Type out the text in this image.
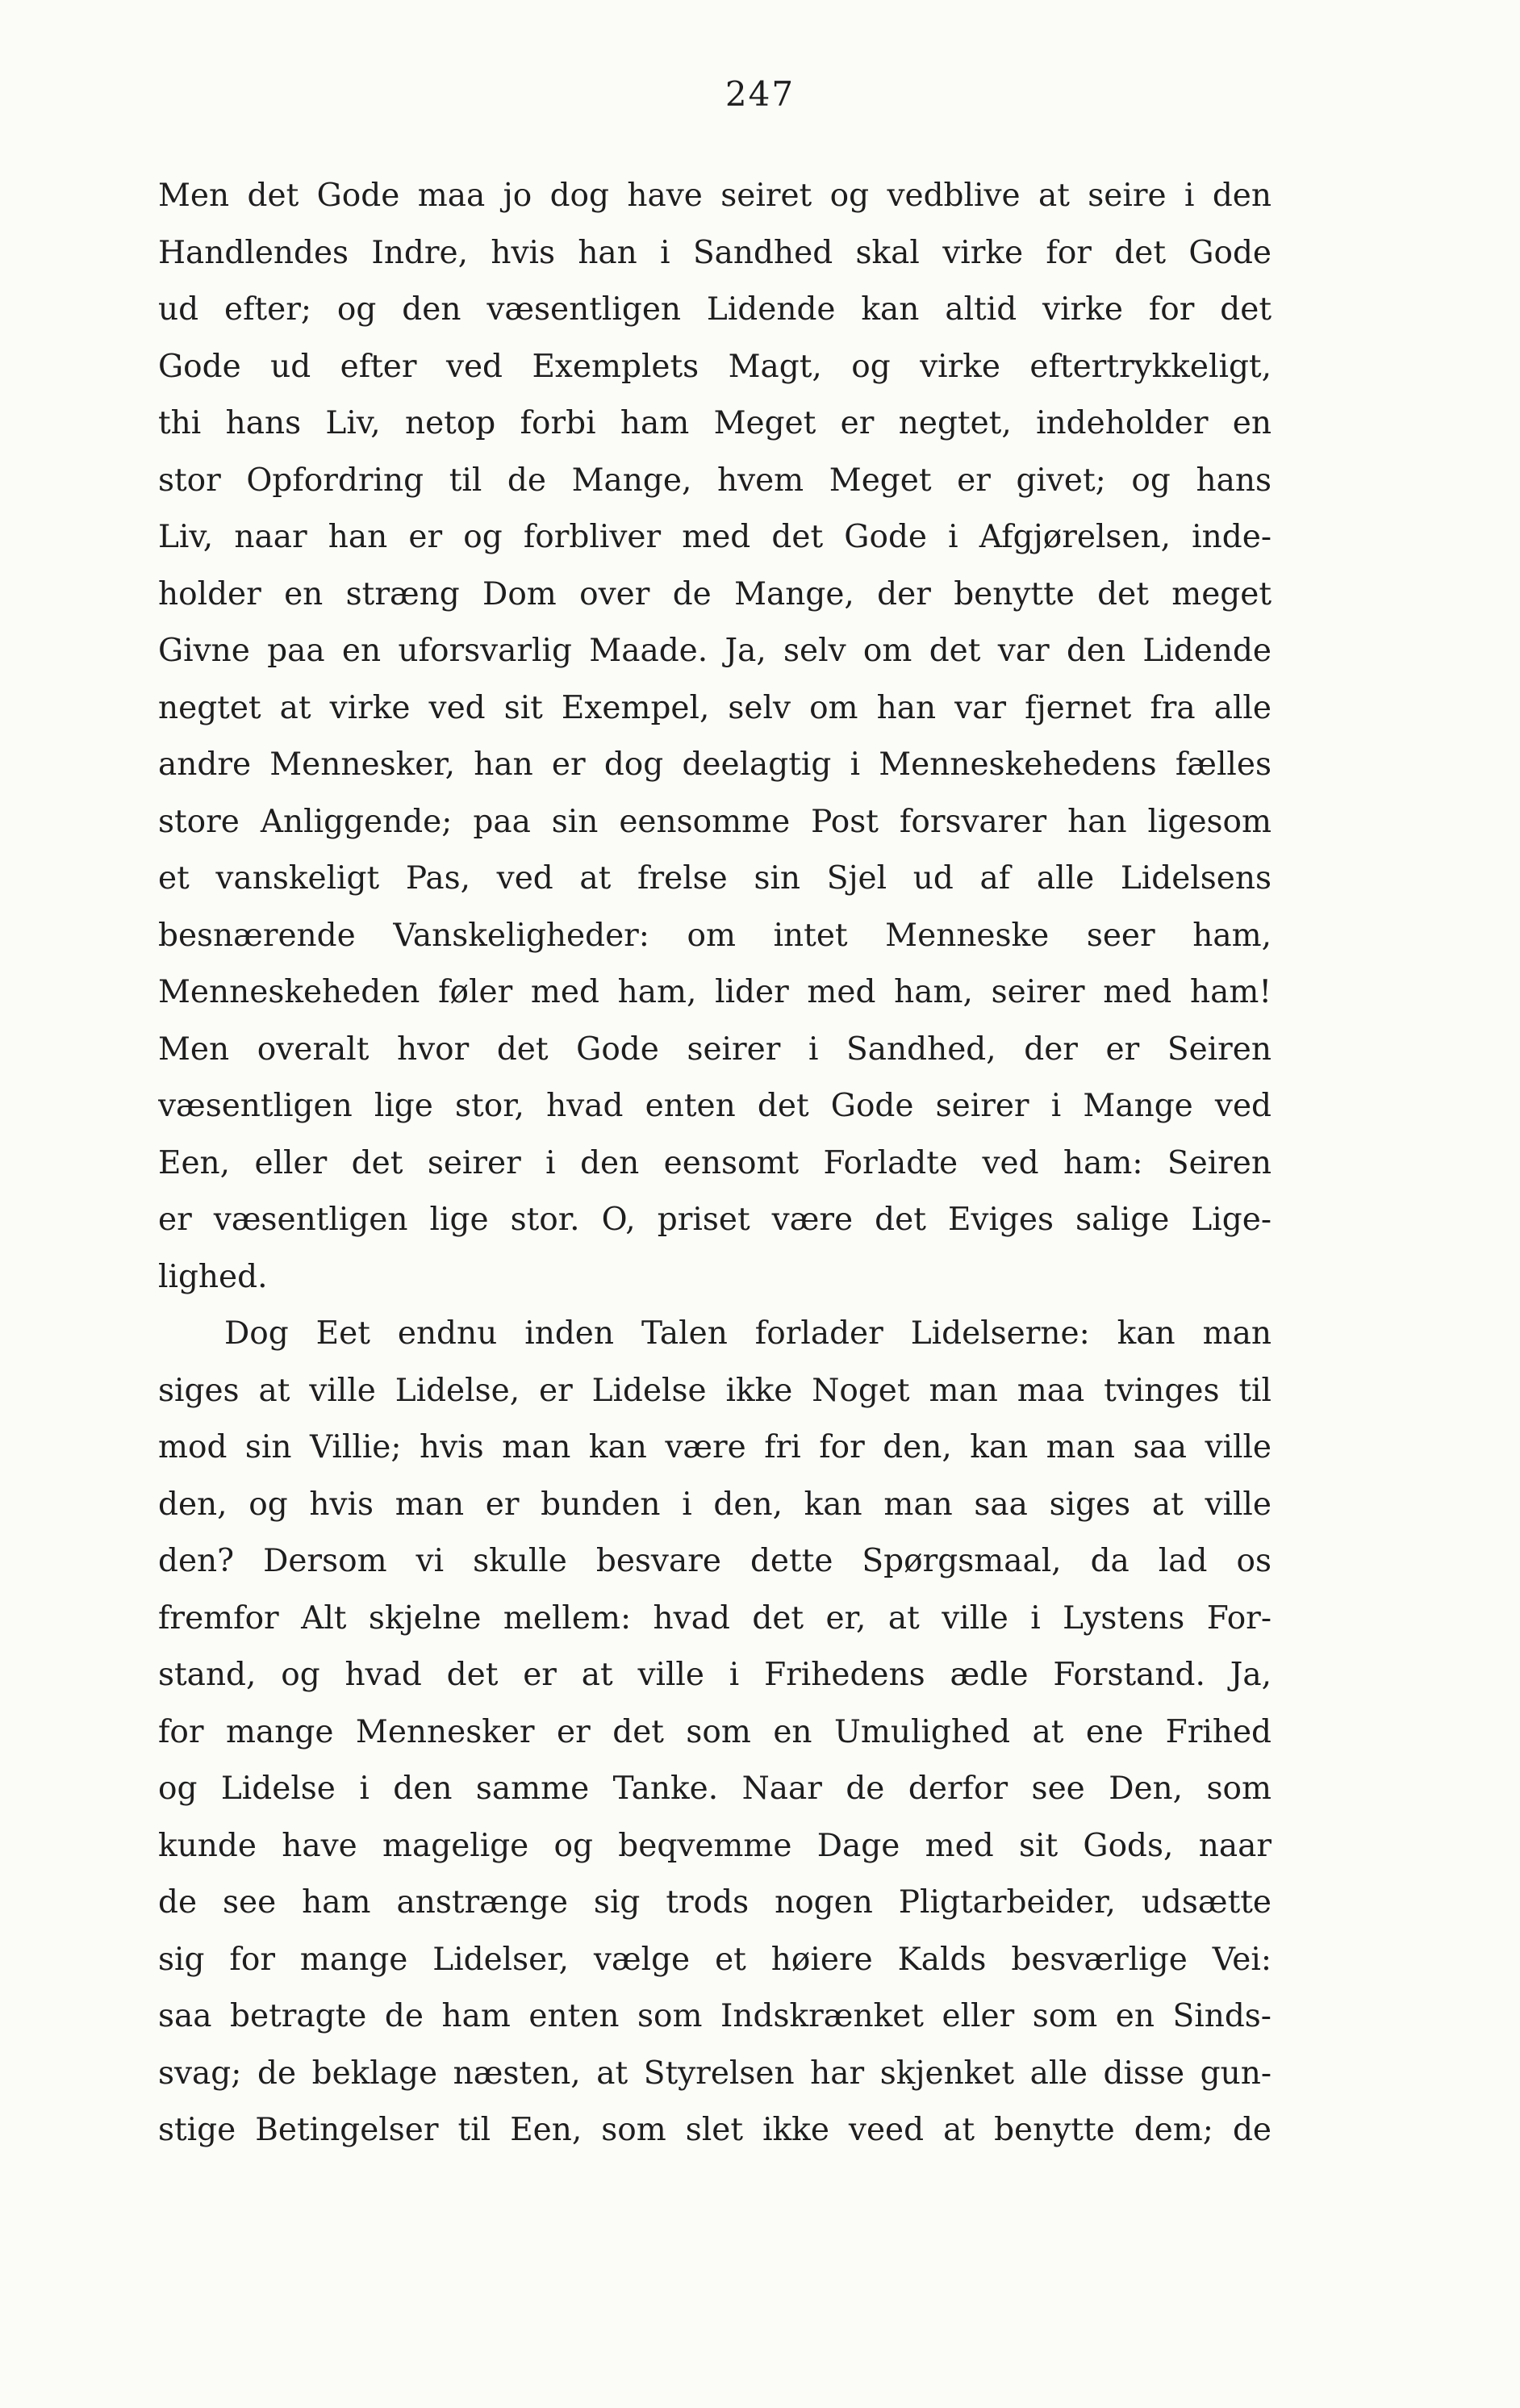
247
Men det Gode maa jo dog have seiret og vedblive at seire i den
Handlendes Indre, hvis han i Sandhed skal virke for det Gode
ud efter; og den væsentligen Lidende kan altid virke for det
Gode ud efter ved Exemplets Magt, og virke eftertrykkeligt,
thi hans Liv, netop forbi ham Meget er negtet, indeholder en
stor Opfordring til de Mange, hvem Meget er givet; og hans
Liv, naar han er og forbliver med det Gode i Afgjørelsen, inde-
holder en stræng Dom over de Mange, der benytte det meget
Givne paa en uforsvarlig Maade. Ja, selv om det var den Lidende
negtet at virke ved sit Exempel, selv om han var fjernet fra alle
andre Mennesker, han er dog deelagtig i Menneskehedens fælles
store Anliggende; paa sin eensomme Post forsvarer han ligesom
et vanskeligt Pas, ved at frelse sin Sjel ud af alle Lidelsens
besnærende Vanskeligheder: om intet Menneske seer ham,
Menneskeheden føler med ham, lider med ham, seirer med ham!
Men overalt hvor det Gode seirer i Sandhed, der er Seiren
væsentligen lige stor, hvad enten det Gode seirer i Mange ved
Een, eller det seirer i den eensomt Forladte ved ham: Seiren
er væsentligen lige stor. O, priset være det Eviges salige Lige-
lighed.
Dog Eet endnu inden Talen forlader Lidelserne: kan man
siges at ville Lidelse, er Lidelse ikke Noget man maa tvinges til
mod sin Villie; hvis man kan være fri for den, kan man saa ville
den, og hvis man er bunden i den, kan man saa siges at ville
den? Dersom vi skulle besvare dette Spørgsmaal, da lad os
fremfor Alt skjelne mellem: hvad det er, at ville i Lystens For-
stand, og hvad det er at ville i Frihedens ædle Forstand. Ja,
for mange Mennesker er det som en Umulighed at ene Frihed
og Lidelse i den samme Tanke. Naar de derfor see Den, som
kunde have magelige og beqvemme Dage med sit Gods, naar
de see ham anstrænge sig trods nogen Pligtarbeider, udsætte
sig for mange Lidelser, vælge et høiere Kalds besværlige Vei:
saa betragte de ham enten som Indskrænket eller som en Sinds-
svag; de beklage næsten, at Styrelsen har skjenket alle disse gun-
stige Betingelser til Een, som slet ikke veed at benytte dem; de
